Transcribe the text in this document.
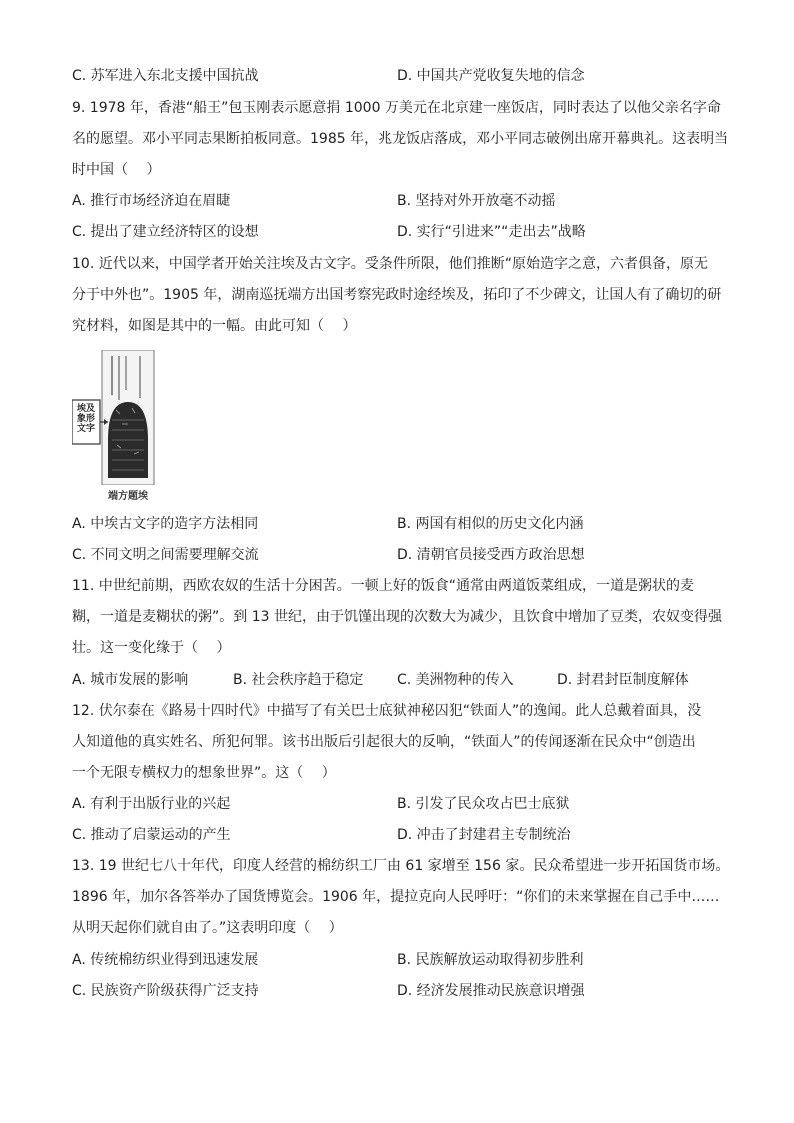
C. 苏军进入东北支援中国抗战	D. 中国共产党收复失地的信念
9. 1978 年，香港“船王”包玉刚表示愿意捐 1000 万美元在北京建一座饭店，同时表达了以他父亲名字命
名的愿望。邓小平同志果断拍板同意。1985 年，兆龙饭店落成，邓小平同志破例出席开幕典礼。这表明当
时中国（　 ）
A. 推行市场经济迫在眉睫	B. 坚持对外开放毫不动摇
C. 提出了建立经济特区的设想	D. 实行“引进来”“走出去”战略
10. 近代以来，中国学者开始关注埃及古文字。受条件所限，他们推断“原始造字之意，六者俱备，原无
分于中外也”。1905 年，湖南巡抚端方出国考察宪政时途经埃及，拓印了不少碑文，让国人有了确切的研
究材料，如图是其中的一幅。由此可知（　 ）
埃及象形文字
端方题埃
A. 中埃古文字的造字方法相同	B. 两国有相似的历史文化内涵
C. 不同文明之间需要理解交流	D. 清朝官员接受西方政治思想
11. 中世纪前期，西欧农奴的生活十分困苦。一顿上好的饭食“通常由两道饭菜组成，一道是粥状的麦
糊，一道是麦糊状的粥”。到 13 世纪，由于饥馑出现的次数大为减少，且饮食中增加了豆类，农奴变得强
壮。这一变化缘于（　 ）
A. 城市发展的影响	B. 社会秩序趋于稳定 C. 美洲物种的传入	D. 封君封臣制度解体
12. 伏尔泰在《路易十四时代》中描写了有关巴士底狱神秘囚犯“铁面人”的逸闻。此人总戴着面具，没
人知道他的真实姓名、所犯何罪。该书出版后引起很大的反响，“铁面人”的传闻逐渐在民众中“创造出
一个无限专横权力的想象世界”。这（　 ）
A. 有利于出版行业的兴起	B. 引发了民众攻占巴士底狱
C. 推动了启蒙运动的产生	D. 冲击了封建君主专制统治
13. 19 世纪七八十年代，印度人经营的棉纺织工厂由 61 家增至 156 家。民众希望进一步开拓国货市场。
1896 年，加尔各答举办了国货博览会。1906 年，提拉克向人民呼吁：“你们的未来掌握在自己手中……
从明天起你们就自由了。”这表明印度（　 ）
A. 传统棉纺织业得到迅速发展	B. 民族解放运动取得初步胜利
C. 民族资产阶级获得广泛支持	D. 经济发展推动民族意识增强
